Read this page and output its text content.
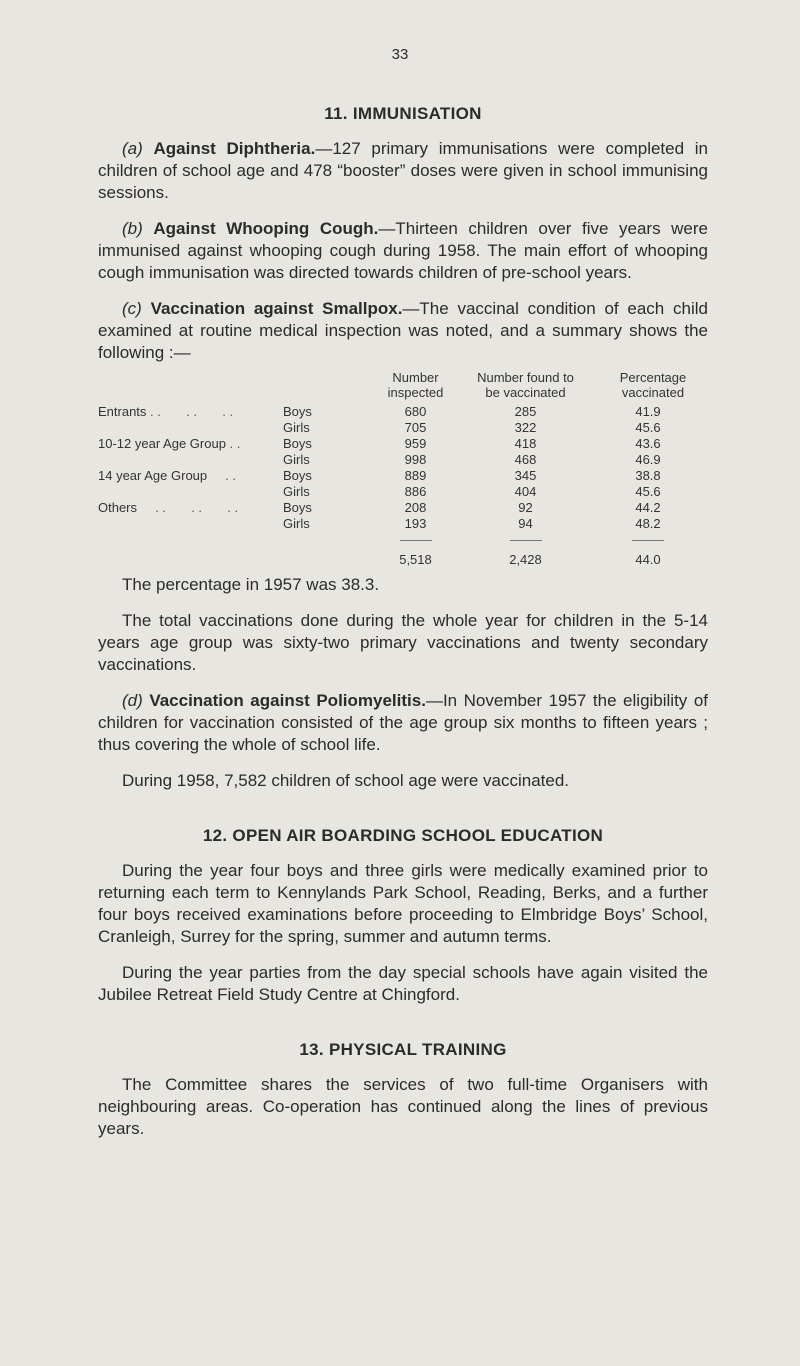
33
11. IMMUNISATION

(a) Against Diphtheria.—127 primary immunisations were completed in children of school age and 478 “booster” doses were given in school immunising sessions.

(b) Against Whooping Cough.—Thirteen children over five years were immunised against whooping cough during 1958. The main effort of whooping cough immunisation was directed towards children of pre-school years.

(c) Vaccination against Smallpox.—The vaccinal condition of each child examined at routine medical inspection was noted, and a summary shows the following :—

		Number inspected	Number found to be vaccinated	Percentage vaccinated
Entrants . .       . .       . .	Boys	680	285	41.9
	Girls	705	322	45.6
10-12 year Age Group . .	Boys	959	418	43.6
	Girls	998	468	46.9
14 year Age Group     . .	Boys	889	345	38.8
	Girls	886	404	45.6
Others     . .       . .       . .	Boys	208	92	44.2
	Girls	193	94	48.2

		5,518	2,428	44.0

The percentage in 1957 was 38.3.

The total vaccinations done during the whole year for children in the 5-14 years age group was sixty-two primary vaccinations and twenty secondary vaccinations.

(d) Vaccination against Poliomyelitis.—In November 1957 the eligibility of children for vaccination consisted of the age group six months to fifteen years ; thus covering the whole of school life.

During 1958, 7,582 children of school age were vaccinated.

12. OPEN AIR BOARDING SCHOOL EDUCATION

During the year four boys and three girls were medically examined prior to returning each term to Kennylands Park School, Reading, Berks, and a further four boys received examinations before proceeding to Elmbridge Boys’ School, Cranleigh, Surrey for the spring, summer and autumn terms.

During the year parties from the day special schools have again visited the Jubilee Retreat Field Study Centre at Chingford.

13. PHYSICAL TRAINING

The Committee shares the services of two full-time Organisers with neighbouring areas. Co-operation has continued along the lines of previous years.
